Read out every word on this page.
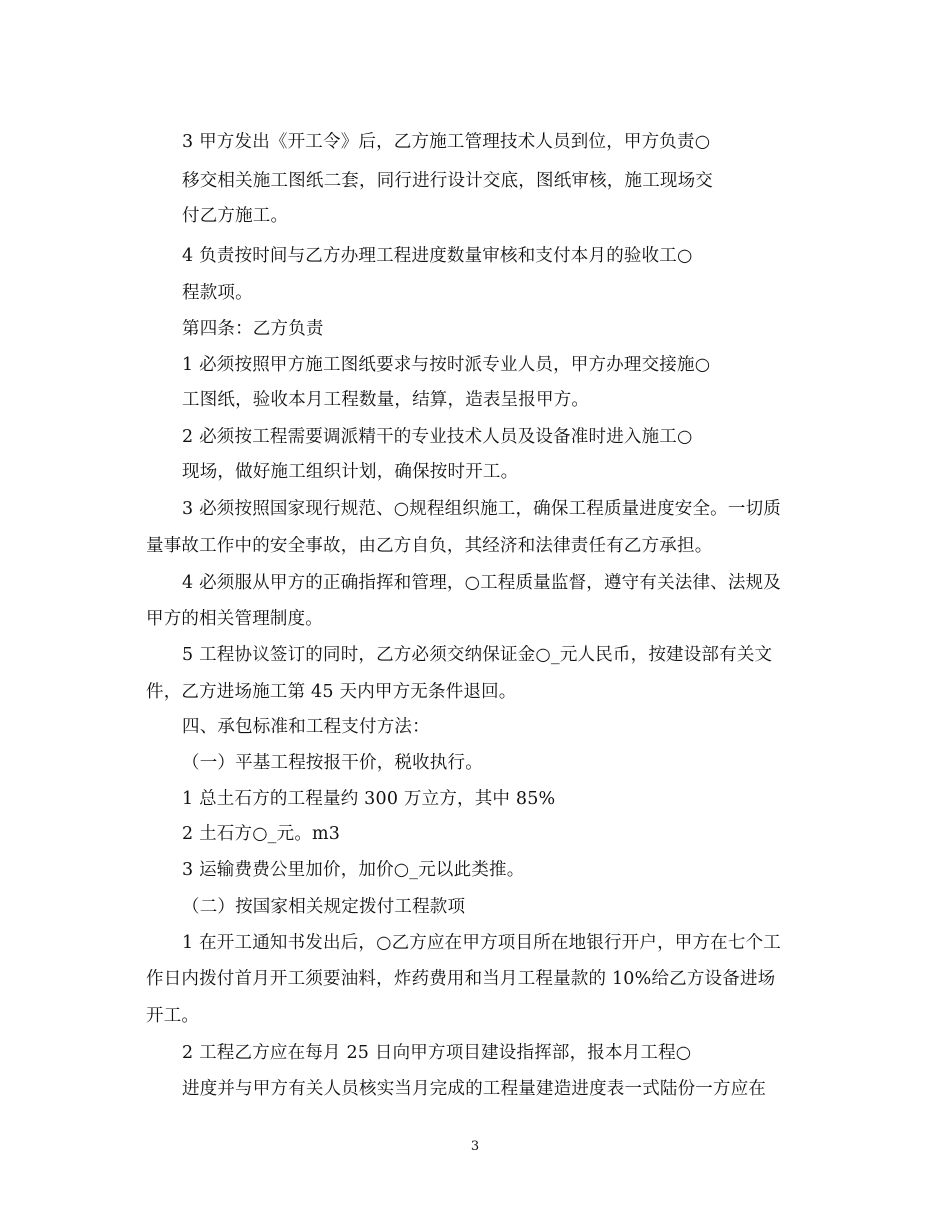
3 甲方发出《开工令》后，乙方施工管理技术人员到位，甲方负责○
移交相关施工图纸二套，同行进行设计交底，图纸审核，施工现场交
付乙方施工。
4 负责按时间与乙方办理工程进度数量审核和支付本月的验收工○
程款项。
第四条：乙方负责
1 必须按照甲方施工图纸要求与按时派专业人员，甲方办理交接施○
工图纸，验收本月工程数量，结算，造表呈报甲方。
2 必须按工程需要调派精干的专业技术人员及设备准时进入施工○
现场，做好施工组织计划，确保按时开工。
3 必须按照国家现行规范、○规程组织施工，确保工程质量进度安全。一切质
量事故工作中的安全事故，由乙方自负，其经济和法律责任有乙方承担。
4 必须服从甲方的正确指挥和管理，○工程质量监督，遵守有关法律、法规及
甲方的相关管理制度。
5 工程协议签订的同时，乙方必须交纳保证金○_元人民币，按建设部有关文
件，乙方进场施工第 45 天内甲方无条件退回。
四、承包标准和工程支付方法：
（一）平基工程按报干价，税收执行。
1 总土石方的工程量约 300 万立方，其中 85%
2 土石方○_元。m3
3 运输费费公里加价，加价○_元以此类推。
（二）按国家相关规定拨付工程款项
1 在开工通知书发出后，○乙方应在甲方项目所在地银行开户，甲方在七个工
作日内拨付首月开工须要油料，炸药费用和当月工程量款的 10%给乙方设备进场
开工。
2 工程乙方应在每月 25 日向甲方项目建设指挥部，报本月工程○
进度并与甲方有关人员核实当月完成的工程量建造进度表一式陆份一方应在
3
